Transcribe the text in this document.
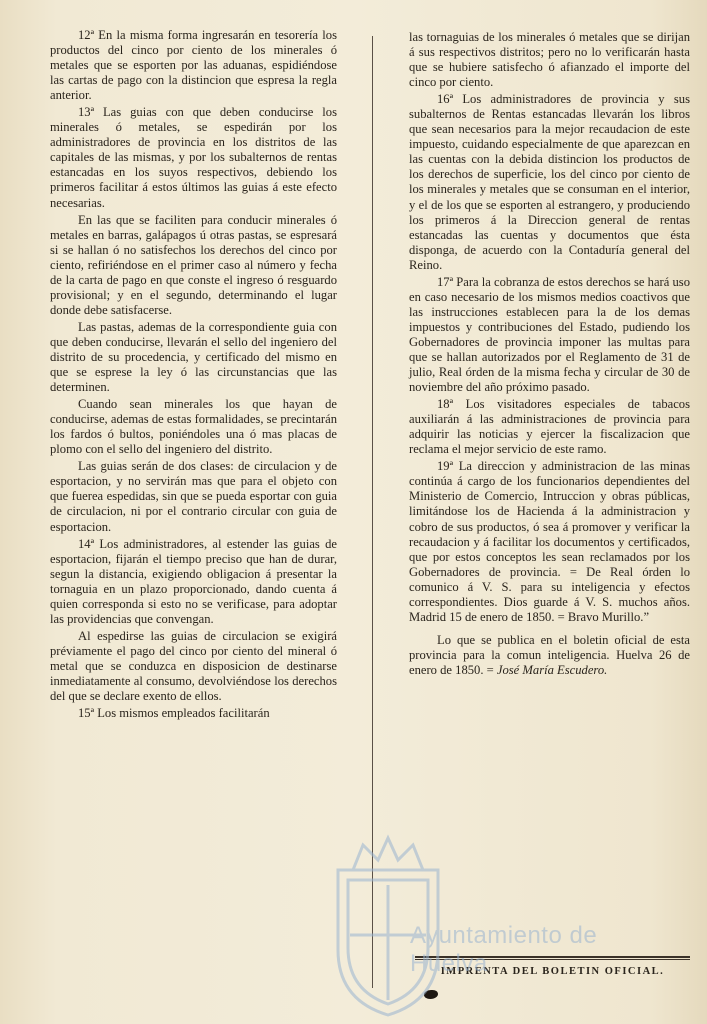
12ª En la misma forma ingresarán en tesorería los productos del cinco por ciento de los minerales ó metales que se esporten por las aduanas, espidiéndose las cartas de pago con la distincion que espresa la regla anterior.

13ª Las guias con que deben conducirse los minerales ó metales, se espedirán por los administradores de provincia en los distritos de las capitales de las mismas, y por los subalternos de rentas estancadas en los suyos respectivos, debiendo los primeros facilitar á estos últimos las guias á este efecto necesarias.

En las que se faciliten para conducir minerales ó metales en barras, galápagos ú otras pastas, se espresará si se hallan ó no satisfechos los derechos del cinco por ciento, refiriéndose en el primer caso al número y fecha de la carta de pago en que conste el ingreso ó resguardo provisional; y en el segundo, determinando el lugar donde debe satisfacerse.

Las pastas, ademas de la correspondiente guia con que deben conducirse, llevarán el sello del ingeniero del distrito de su procedencia, y certificado del mismo en que se esprese la ley ó las circunstancias que las determinen.

Cuando sean minerales los que hayan de conducirse, ademas de estas formalidades, se precintarán los fardos ó bultos, poniéndoles una ó mas placas de plomo con el sello del ingeniero del distrito.

Las guias serán de dos clases: de circulacion y de esportacion, y no servirán mas que para el objeto con que fuerea espedidas, sin que se pueda esportar con guia de circulacion, ni por el contrario circular con guia de esportacion.

14ª Los administradores, al estender las guias de esportacion, fijarán el tiempo preciso que han de durar, segun la distancia, exigiendo obligacion á presentar la tornaguia en un plazo proporcionado, dando cuenta á quien corresponda si esto no se verificase, para adoptar las providencias que convengan.

Al espedirse las guias de circulacion se exigirá préviamente el pago del cinco por ciento del mineral ó metal que se conduzca en disposicion de destinarse inmediatamente al consumo, devolviéndose los derechos del que se declare exento de ellos.

15ª Los mismos empleados facilitarán

las tornaguias de los minerales ó metales que se dirijan á sus respectivos distritos; pero no lo verificarán hasta que se hubiere satisfecho ó afianzado el importe del cinco por ciento.

16ª Los administradores de provincia y sus subalternos de Rentas estancadas llevarán los libros que sean necesarios para la mejor recaudacion de este impuesto, cuidando especialmente de que aparezcan en las cuentas con la debida distincion los productos de los derechos de superficie, los del cinco por ciento de los minerales y metales que se consuman en el interior, y el de los que se esporten al estrangero, y produciendo los primeros á la Direccion general de rentas estancadas las cuentas y documentos que ésta disponga, de acuerdo con la Contaduría general del Reino.

17ª Para la cobranza de estos derechos se hará uso en caso necesario de los mismos medios coactivos que las instrucciones establecen para la de los demas impuestos y contribuciones del Estado, pudiendo los Gobernadores de provincia imponer las multas para que se hallan autorizados por el Reglamento de 31 de julio, Real órden de la misma fecha y circular de 30 de noviembre del año próximo pasado.

18ª Los visitadores especiales de tabacos auxiliarán á las administraciones de provincia para adquirir las noticias y ejercer la fiscalizacion que reclama el mejor servicio de este ramo.

19ª La direccion y administracion de las minas continúa á cargo de los funcionarios dependientes del Ministerio de Comercio, Intruccion y obras públicas, limitándose los de Hacienda á la administracion y cobro de sus productos, ó sea á promover y verificar la recaudacion y á facilitar los documentos y certificados, que por estos conceptos les sean reclamados por los Gobernadores de provincia. = De Real órden lo comunico á V. S. para su inteligencia y efectos correspondientes. Dios guarde á V. S. muchos años. Madrid 15 de enero de 1850. = Bravo Murillo.”

Lo que se publica en el boletin oficial de esta provincia para la comun inteligencia. Huelva 26 de enero de 1850. = José María Escudero.

IMPRENTA DEL BOLETIN OFICIAL.
Ayuntamiento de Huelva
